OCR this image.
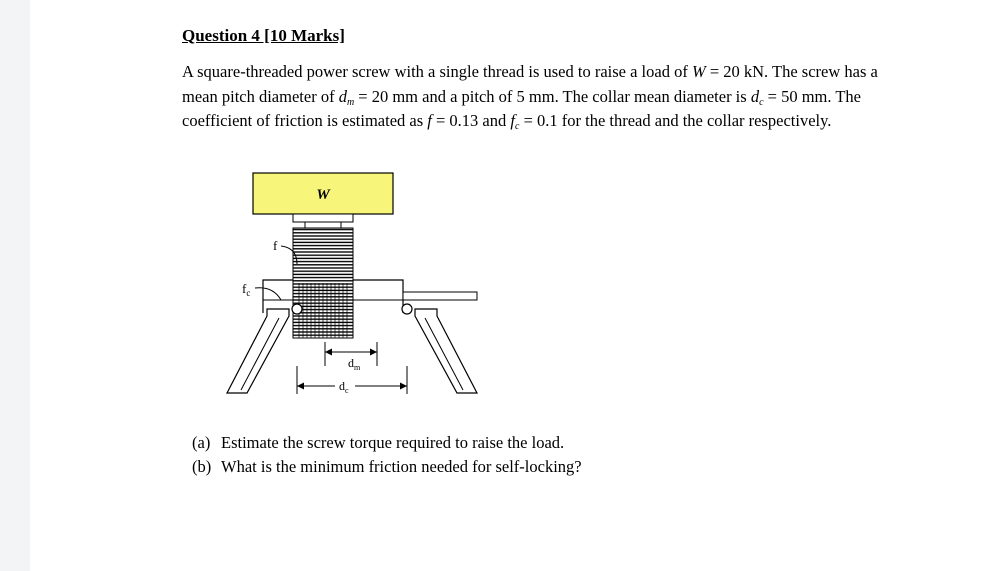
Question 4 [10 Marks]
A square-threaded power screw with a single thread is used to raise a load of W = 20 kN. The screw has a mean pitch diameter of $d_m = 20$ mm and a pitch of 5 mm. The collar mean diameter is $d_c = 50$ mm. The coefficient of friction is estimated as f = 0.13 and $f_c = 0.1$ for the thread and the collar respectively.
W
f
$f_c$
$d_m$
$d_c$
(a) Estimate the screw torque required to raise the load.
(b) What is the minimum friction needed for self-locking?
